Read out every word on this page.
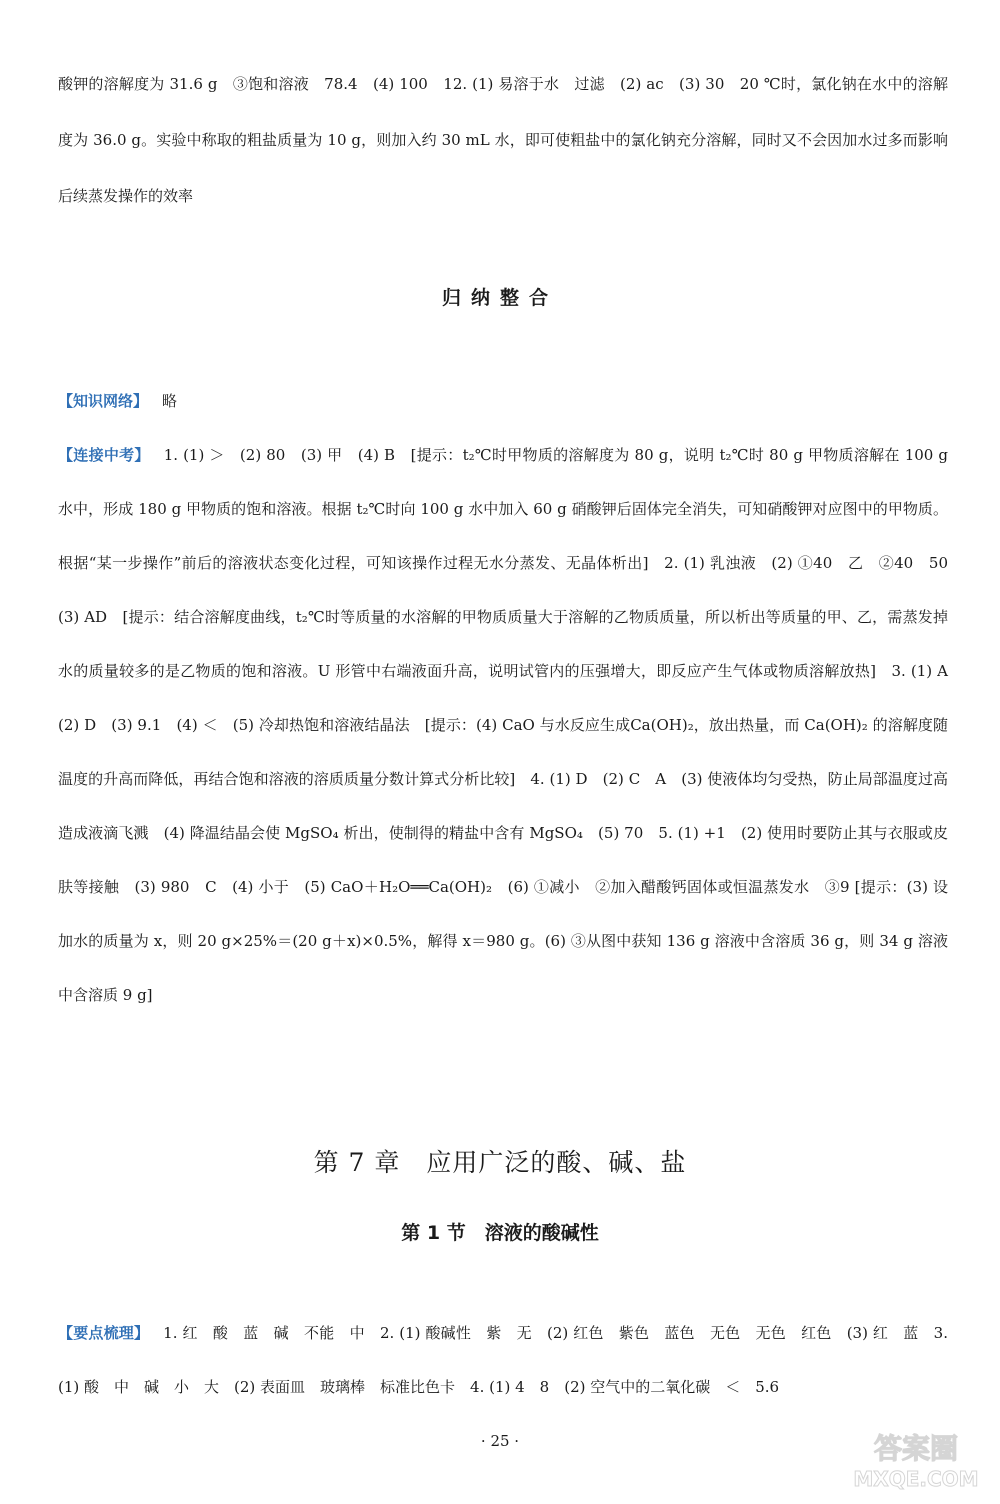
酸钾的溶解度为 31.6 g　③饱和溶液　78.4　(4) 100　12. (1) 易溶于水　过滤　(2) ac　(3) 30　20 ℃时，氯化钠在水中的溶解度为 36.0 g。实验中称取的粗盐质量为 10 g，则加入约 30 mL 水，即可使粗盐中的氯化钠充分溶解，同时又不会因加水过多而影响后续蒸发操作的效率

归纳整合

【知识网络】 略

【连接中考】 1. (1) ＞　(2) 80　(3) 甲　(4) B　[提示：t₂℃时甲物质的溶解度为 80 g，说明 t₂℃时 80 g 甲物质溶解在 100 g 水中，形成 180 g 甲物质的饱和溶液。根据 t₂℃时向 100 g 水中加入 60 g 硝酸钾后固体完全消失，可知硝酸钾对应图中的甲物质。根据“某一步操作”前后的溶液状态变化过程，可知该操作过程无水分蒸发、无晶体析出]　2. (1) 乳浊液　(2) ①40　乙　②40　50　(3) AD　[提示：结合溶解度曲线，t₂℃时等质量的水溶解的甲物质质量大于溶解的乙物质质量，所以析出等质量的甲、乙，需蒸发掉水的质量较多的是乙物质的饱和溶液。U 形管中右端液面升高，说明试管内的压强增大，即反应产生气体或物质溶解放热]　3. (1) A　(2) D　(3) 9.1　(4) ＜　(5) 冷却热饱和溶液结晶法　[提示：(4) CaO 与水反应生成Ca(OH)₂，放出热量，而 Ca(OH)₂ 的溶解度随温度的升高而降低，再结合饱和溶液的溶质质量分数计算式分析比较]　4. (1) D　(2) C　A　(3) 使液体均匀受热，防止局部温度过高造成液滴飞溅　(4) 降温结晶会使 MgSO₄ 析出，使制得的精盐中含有 MgSO₄　(5) 70　5. (1) +1　(2) 使用时要防止其与衣服或皮肤等接触　(3) 980　C　(4) 小于　(5) CaO＋H₂O══Ca(OH)₂　(6) ①减小　②加入醋酸钙固体或恒温蒸发水　③9 [提示：(3) 设加水的质量为 x，则 20 g×25%＝(20 g＋x)×0.5%，解得 x＝980 g。(6) ③从图中获知 136 g 溶液中含溶质 36 g，则 34 g 溶液中含溶质 9 g]

第 7 章　应用广泛的酸、碱、盐
第 1 节　溶液的酸碱性

【要点梳理】 1. 红　酸　蓝　碱　不能　中　2. (1) 酸碱性　紫　无　(2) 红色　紫色　蓝色　无色　无色　红色　(3) 红　蓝　3. (1) 酸　中　碱　小　大　(2) 表面皿　玻璃棒　标准比色卡　4. (1) 4　8　(2) 空气中的二氧化碳　＜　5.6

· 25 ·	答案圈
MXQE.COM
